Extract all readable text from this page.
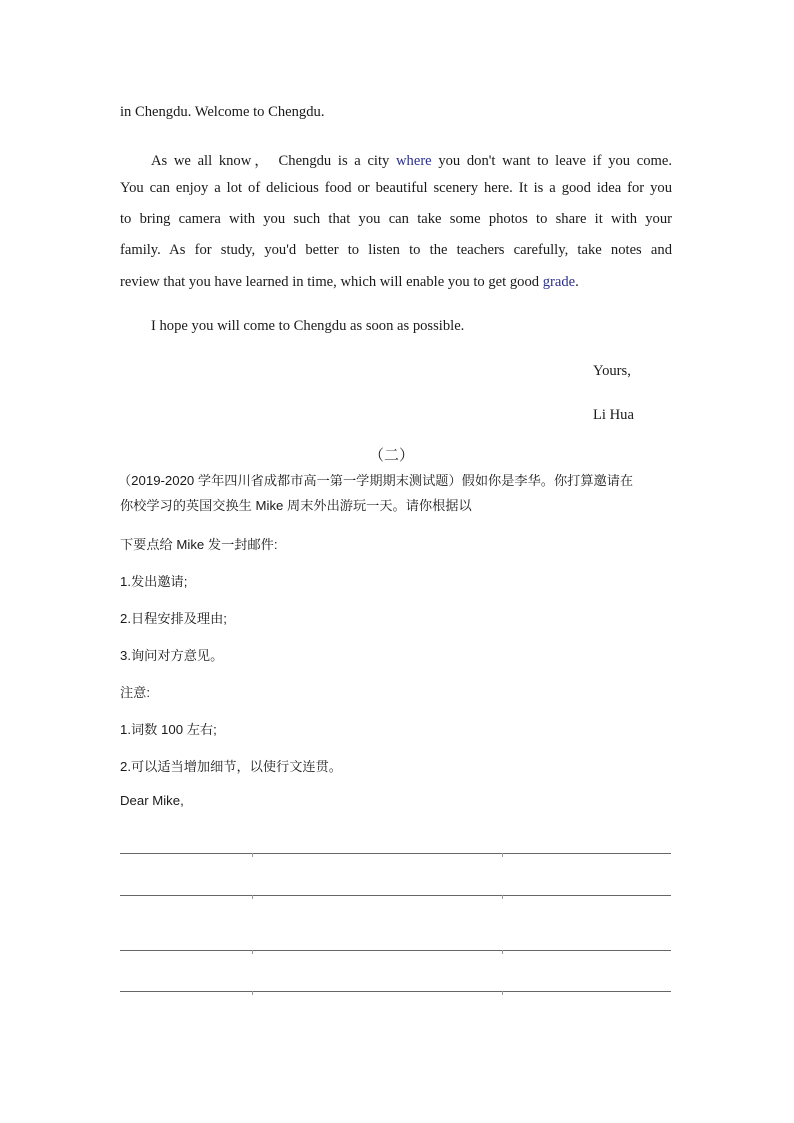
in Chengdu. Welcome to Chengdu.
As we all know， Chengdu is a city where you don't want to leave if you come.
You can enjoy a lot of delicious food or beautiful scenery here. It is a good idea for you
to bring camera with you such that you can take some photos to share it with your
family. As for study, you'd better to listen to the teachers carefully, take notes and
review that you have learned in time, which will enable you to get good grade.
I hope you will come to Chengdu as soon as possible.
Yours,
Li Hua
（二）
（2019-2020 学年四川省成都市高一第一学期期末测试题）假如你是李华。你打算邀请在
你校学习的英国交换生 Mike 周末外出游玩一天。请你根据以
下要点给 Mike 发一封邮件:
1.发出邀请;
2.日程安排及理由;
3.询问对方意见。
注意:
1.词数 100 左右;
2.可以适当增加细节，以使行文连贯。
Dear Mike,
